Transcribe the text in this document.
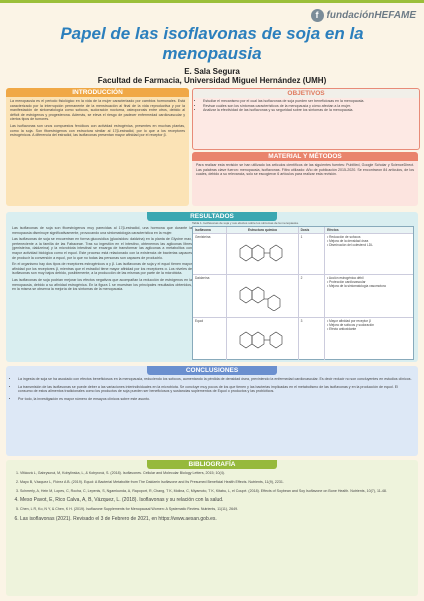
f fundaciónHEFAME
Papel de las isoflavonas de soja en la menopausia
E. Sala Segura
Facultad de Farmacia, Universidad Miguel Hernández (UMH)
INTRODUCCIÓN

La menopausia es el periodo fisiológico en la vida de la mujer caracterizado por cambios hormonales. Está caracterizado por la interrupción permanente de la menstruación al final de la vida reproductiva y por la manifestación de sintomatología como sofocos, sudoración nocturna, osteoporosis entre otros, debido al déficit de estrógenos y progesterona. Además, se eleva el riesgo de padecer enfermedad cardiovascular y ciertos tipos de tumores.

Las isoflavonas son unos compuestos fenólicos con actividad estrogénica, presentes en muchas plantas, como la soja. Son fitoestrógenos con estructura similar al 17β-estradiol, por lo que a los receptores estrogénicos. A diferencia del estradiol, las isoflavonas presentan mayor afinidad por el receptor β.

OBJETIVOS
• Estudiar el mecanismo por el cual las isoflavonas de soja pueden ser beneficiosas en la menopausia.
• Revisar cuáles son los síntomas característicos de la menopausia y cómo afectan a la mujer.
• Analizar la efectividad de las isoflavonas y su seguridad sobre los síntomas de la menopausia.
MATERIAL Y MÉTODOS
Para realizar esta revisión se han utilizado los artículos científicos de las siguientes fuentes: PubMed, Google Scholar y ScienceDirect. Las palabras clave fueron: menopausia, isoflavonas. Filtro utilizado: Año de publicación 2015-2020. Se encontraron 84 artículos, de los cuales, debido a su relevancia, solo se escogieron 6 artículos para realizar esta revisión.
RESULTADOS

Las isoflavonas de soja son fitoestrógenos muy parecidas al 17β-estradiol, una hormona que durante la menopausia disminuye significativamente, provocando una sintomatología característica en la mujer.

Las isoflavonas de soja se encuentran en forma glucosídica (glucósidos: daidzina) en la planta de Glycine max, perteneciente a la familia de las Fabaceae. Tras su ingestión en el intestino, obtenemos las agliconas libres (genisteína, daidzeína) y la microbiota intestinal se encarga de transformar las agliconas a metabolitos con mayor actividad biológica como el equol. Este proceso está relacionado con la existencia de bacterias capaces de producir la conversión a equol, por lo que no todas las personas son capaces de producirlo.

En el organismo hay dos tipos de receptores estrogénicos α y β. Las isoflavonas de soja y el equol tienen mayor afinidad por los receptores β, mientras que el estradiol tiene mayor afinidad por los receptores α. Los niveles de isoflavonas son muy bajos debido, posiblemente, a la producción de las mismas por parte de la microbiota.

Las isoflavonas de soja podrían mejorar los efectos negativos que acompañan la reducción de estrógenos en la menopausia, debido a su afinidad estrogénica. En la figura 1 se muestran los principales resultados obtenidos, en la misma se observa la mejoría de los síntomas de la menopausia.

Tabla 1. Isoflavonas de soja y sus efectos sobre los síntomas de la menopausia.
Isoflavona	Estructura química	Dosis	Efectos
Genisteína	1	• Reducción de sofocos
• Mejora de la densidad ósea
• Disminución del colesterol LDL
Daidzeína	2	• Acción estrogénica débil
• Protección cardiovascular
• Mejora de la sintomatología vasomotora
Equol	3	• Mayor afinidad por receptor β
• Mejora de sofocos y sudoración
• Efecto antioxidante
CONCLUSIONES
• La ingesta de soja se ha asociado con efectos beneficiosos en la menopausia, reduciendo los sofocos, aumentando la pérdida de densidad ósea, previniendo la enfermedad cardiovascular. Es decir reducir no son concluyentes en estudios clínicos.
• La transmisión de las isoflavonas se puede deber a las variaciones interindividuales en la microbiota. Se concluye muy pocos de los que tienen y las bacterias implicadas en el metabolismo de las isoflavonas y en la producción de equol. El consumo de estos alimentos tradicionales como los productos de soja pueden ser beneficiosos y sustancias suplementos de Equol o productos y las probióticos.
• Por todo, la investigación es mayor número de ensayos clínicos sobre este asunto.
BIBLIOGRAFÍA
1. Vitiáová L, Gabrysová, M, Kobylinska, L, & Kobyrová, S. (2018). Isoflavones. Cellular and Molecular Biology Letters, 2015; 10(4).
2. Mayo B, Vázquez L, Flórez A B. (2019). Equol: A Bacterial Metabolite from The Daidzein Isoflavone and Its Presumed Beneficial Health Effects. Nutrients, 11(9), 2231.
3. Schmerly, A, Hein M, Lopes, C, Rocha, C, Lepenis, S, Ngamkunda, A, Rapoport, R, Chang, T K, Molina, C, Miyamoto, T K, Kitabu, L, el Coupé. (2018). Effects of Soybean and Soy Isoflavone on Bone Health. Nutrients, 10(7), 11-48.
4. Meso Pavot, E, Rico Calva, A, B, Vázquez, L. (2018). Isoflavonas y su relación con la salud.
5. Chen, L R, Ko, N Y, & Chen, K H. (2019). Isoflavone Supplements for Menopausal Women: A Systematic Review. Nutrients, 11(11), 2649.
6. Las isoflavonas (2021). Revisado el 3 de Febrero de 2021, en https://www.aesan.gob.es.
